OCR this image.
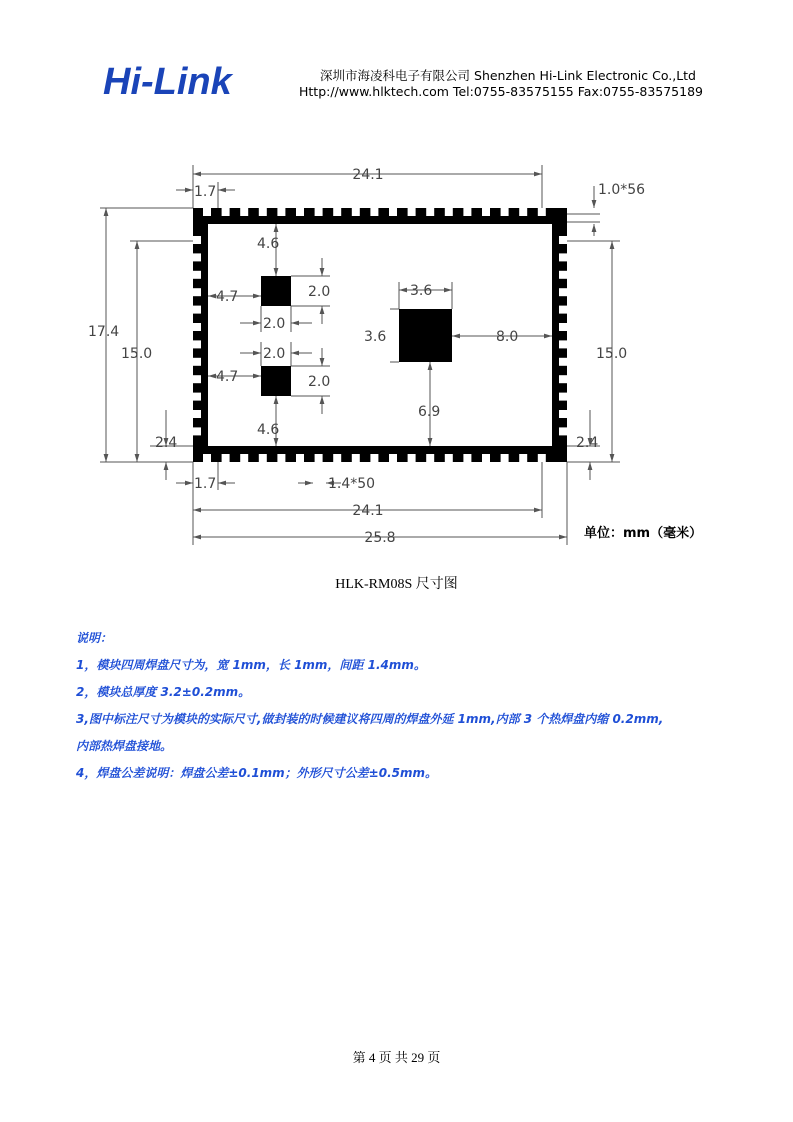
Hi-Link	深圳市海凌科电子有限公司 Shenzhen Hi-Link Electronic Co.,Ltd
Http://www.hlktech.com Tel:0755-83575155 Fax:0755-83575189
24.1
1.7	1.0*56
17.4
15.0	15.0
4.6
4.7	2.0
2.0
2.0
4.7	2.0
4.6
3.6
3.6	8.0
6.9
2.4	2.4
1.7	1.4*50
24.1
25.8	单位：mm（毫米）
HLK-RM08S 尺寸图
说明：
1，模块四周焊盘尺寸为，宽 1mm，长 1mm，间距 1.4mm。
2，模块总厚度 3.2±0.2mm。
3,图中标注尺寸为模块的实际尺寸,做封装的时候建议将四周的焊盘外延 1mm,内部 3 个热焊盘内缩 0.2mm,
内部热焊盘接地。
4，焊盘公差说明：焊盘公差±0.1mm；外形尺寸公差±0.5mm。
第 4 页 共 29 页
